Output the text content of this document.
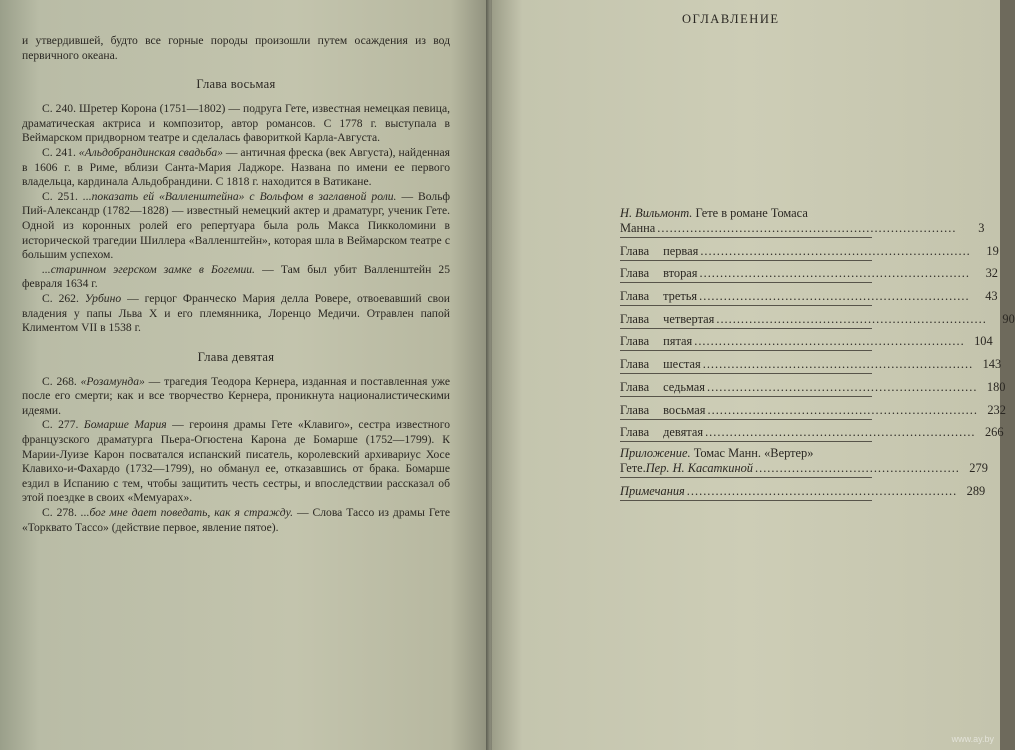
и утвердившей, будто все горные породы произошли путем осаждения из вод первичного океана.

Глава восьмая

С. 240. Шретер Корона (1751—1802) — подруга Гете, известная немецкая певица, драматическая актриса и композитор, автор романсов. С 1778 г. выступала в Веймарском придворном театре и сделалась фавориткой Карла-Августа.

С. 241. «Альдобрандинская свадьба» — античная фреска (век Августа), найденная в 1606 г. в Риме, вблизи Санта-Мария Ладжоре. Названа по имени ее первого владельца, кардинала Альдобрандини. С 1818 г. находится в Ватикане.

С. 251. ...показать ей «Валленштейна» с Вольфом в заглавной роли. — Вольф Пий-Александр (1782—1828) — известный немецкий актер и драматург, ученик Гете. Одной из коронных ролей его репертуара была роль Макса Пикколомини в исторической трагедии Шиллера «Валленштейн», которая шла в Веймарском театре с большим успехом.

...старинном эгерском замке в Богемии. — Там был убит Валленштейн 25 февраля 1634 г.

С. 262. Урбино — герцог Франческо Мария делла Ровере, отвоевавший свои владения у папы Льва X и его племянника, Лоренцо Медичи. Отравлен папой Климентом VII в 1538 г.

Глава девятая

С. 268. «Розамунда» — трагедия Теодора Кернера, изданная и поставленная уже после его смерти; как и все творчество Кернера, проникнута националистическими идеями.

С. 277. Бомарше Мария — героиня драмы Гете «Клавиго», сестра известного французского драматурга Пьера-Огюстена Карона де Бомарше (1752—1799). К Марии-Луизе Карон посватался испанский писатель, королевский архивариус Хосе Клавихо-и-Фахардо (1732—1799), но обманул ее, отказавшись от брака. Бомарше ездил в Испанию с тем, чтобы защитить честь сестры, и впоследствии рассказал об этой поездке в своих «Мемуарах».

С. 278. ...бог мне дает поведать, как я страждy. — Слова Тассо из драмы Гете «Торквато Тассо» (действие первое, явление пятое).

ОГЛАВЛЕНИЕ
Н. Вильмонт. Гете в романе Томаса
Манна .........................................................................	3
Глава первая ..................................................................	19
Глава вторая ..................................................................	32
Глава третья ..................................................................	43
Глава четвертая ..................................................................	90
Глава пятая .................................................................. 104
Глава шестая .................................................................. 143
Глава седьмая .................................................................. 180
Глава восьмая .................................................................. 232
Глава девятая .................................................................. 266
Приложение. Томас Манн. «Вертер»
Гете. Пер. Н. Касаткиной .................................................. 279
Примечания .................................................................. 289
www.ay.by
